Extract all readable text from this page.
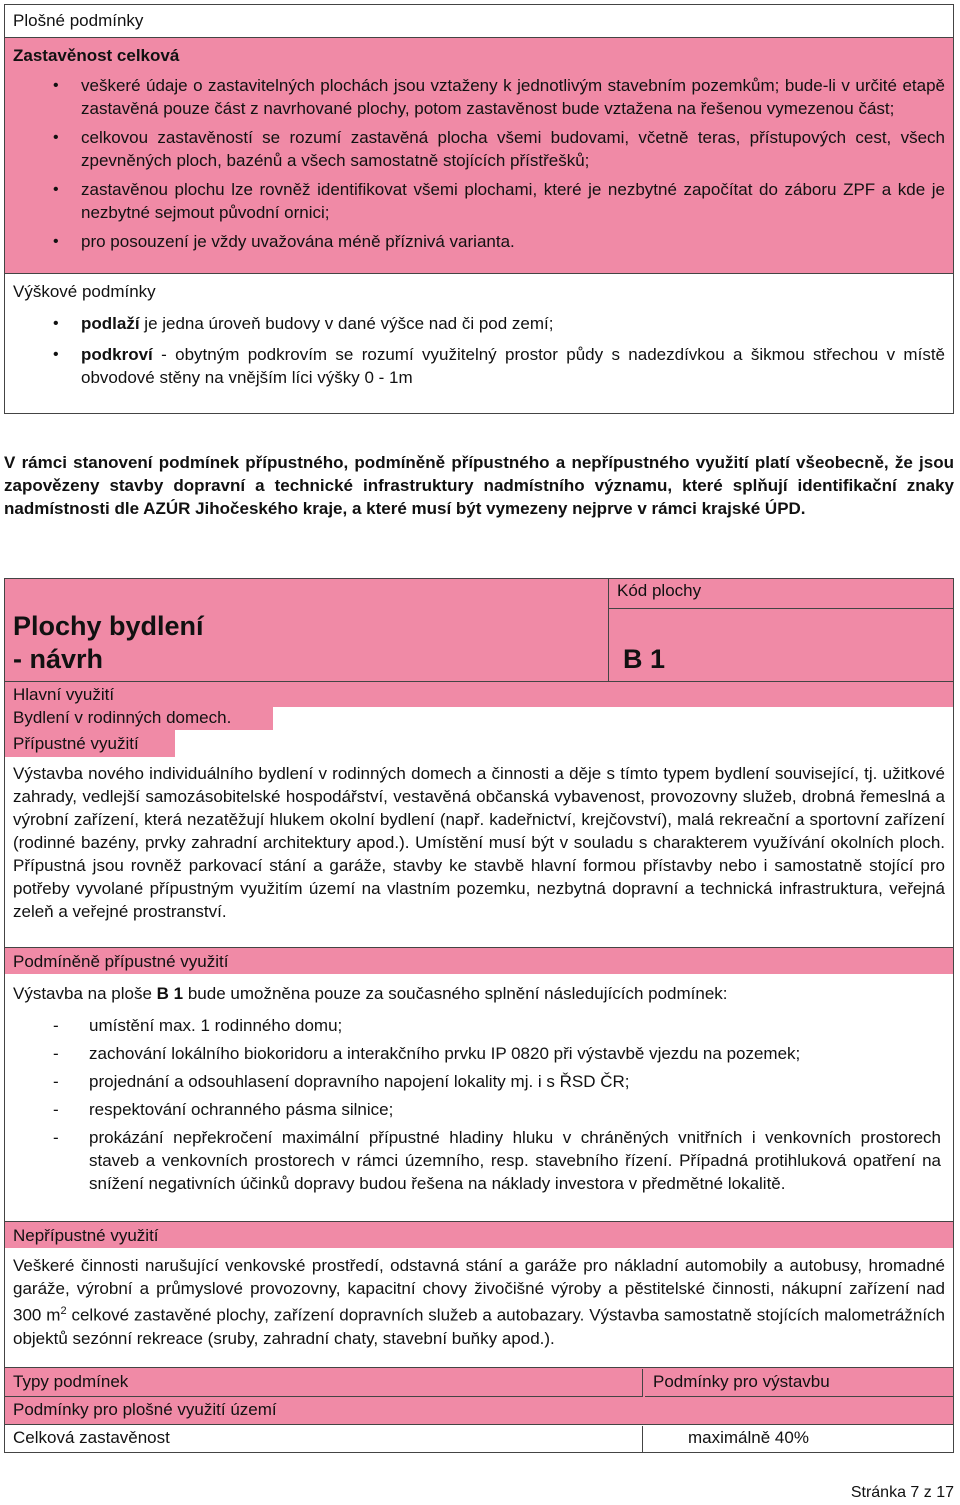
Plošné podmínky
Zastavěnost celková
• veškeré údaje o zastavitelných plochách jsou vztaženy k jednotlivým stavebním pozemkům; bude-li v určité etapě zastavěná pouze část z navrhované plochy, potom zastavěnost bude vztažena na řešenou vymezenou část;
• celkovou zastavěností se rozumí zastavěná plocha všemi budovami, včetně teras, přístupových cest, všech zpevněných ploch, bazénů a všech samostatně stojících přístřešků;
• zastavěnou plochu lze rovněž identifikovat všemi plochami, které je nezbytné započítat do záboru ZPF a kde je nezbytné sejmout původní ornici;
• pro posouzení je vždy uvažována méně příznivá varianta.
Výškové podmínky
• podlaží je jedna úroveň budovy v dané výšce nad či pod zemí;
• podkroví - obytným podkrovím se rozumí využitelný prostor půdy s nadezdívkou a šikmou střechou v místě obvodové stěny na vnějším líci výšky 0 - 1m
V rámci stanovení podmínek přípustného, podmíněně přípustného a nepřípustného využití platí všeobecně, že jsou zapovězeny stavby dopravní a technické infrastruktury nadmístního významu, které splňují identifikační znaky nadmístnosti dle AZÚR Jihočeského kraje, a které musí být vymezeny nejprve v rámci krajské ÚPD.
Kód plochy
Plochy bydlení
- návrh	B 1
Hlavní využití
Bydlení v rodinných domech.
Přípustné využití
Výstavba nového individuálního bydlení v rodinných domech a činnosti a děje s tímto typem bydlení související, tj. užitkové zahrady, vedlejší samozásobitelské hospodářství, vestavěná občanská vybavenost, provozovny služeb, drobná řemeslná a výrobní zařízení, která nezatěžují hlukem okolní bydlení (např. kadeřnictví, krejčovství), malá rekreační a sportovní zařízení (rodinné bazény, prvky zahradní architektury apod.). Umístění musí být v souladu s charakterem využívání okolních ploch. Přípustná jsou rovněž parkovací stání a garáže, stavby ke stavbě hlavní formou přístavby nebo i samostatně stojící pro potřeby vyvolané přípustným využitím území na vlastním pozemku, nezbytná dopravní a technická infrastruktura, veřejná zeleň a veřejné prostranství.
Podmíněně přípustné využití
Výstavba na ploše B 1 bude umožněna pouze za současného splnění následujících podmínek:
- umístění max. 1 rodinného domu;
- zachování lokálního biokoridoru a interakčního prvku IP 0820 při výstavbě vjezdu na pozemek;
- projednání a odsouhlasení dopravního napojení lokality mj. i s ŘSD ČR;
- respektování ochranného pásma silnice;
- prokázání nepřekročení maximální přípustné hladiny hluku v chráněných vnitřních i venkovních prostorech staveb a venkovních prostorech v rámci územního, resp. stavebního řízení. Případná protihluková opatření na snížení negativních účinků dopravy budou řešena na náklady investora v předmětné lokalitě.
Nepřípustné využití
Veškeré činnosti narušující venkovské prostředí, odstavná stání a garáže pro nákladní automobily a autobusy, hromadné garáže, výrobní a průmyslové provozovny, kapacitní chovy živočišné výroby a pěstitelské činnosti, nákupní zařízení nad 300 $m^2$ celkové zastavěné plochy, zařízení dopravních služeb a autobazary. Výstavba samostatně stojících malometrážních objektů sezónní rekreace (sruby, zahradní chaty, stavební buňky apod.).
Typy podmínek	Podmínky pro výstavbu
Podmínky pro plošné využití území
Celková zastavěnost	maximálně 40%
Stránka 7 z 17
